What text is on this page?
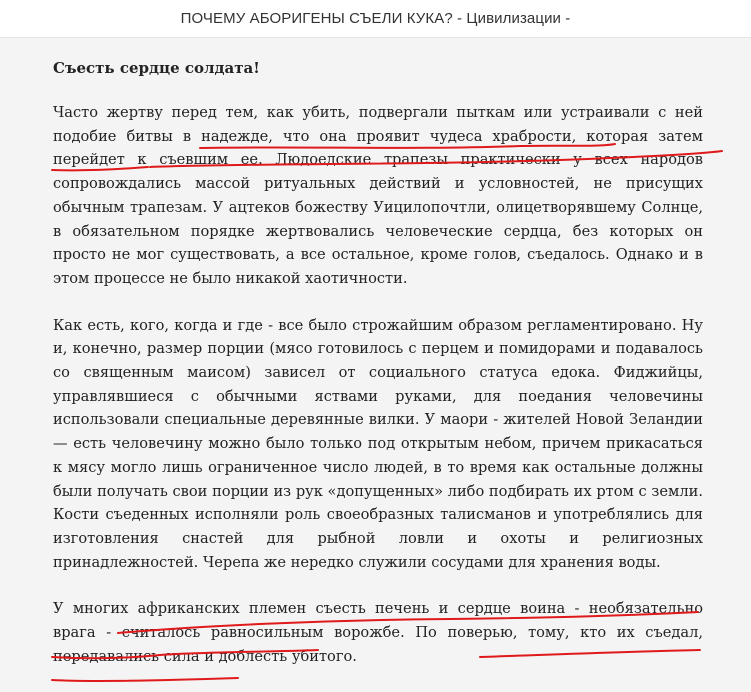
ПОЧЕМУ АБОРИГЕНЫ СЪЕЛИ КУКА? - Цивилизации -
Съесть сердце солдата!

Часто жертву перед тем, как убить, подвергали пыткам или устраивали с ней подобие битвы в надежде, что она проявит чудеса храбрости, которая затем перейдет к съевшим ее. Людоедские трапезы практически у всех народов сопровождались массой ритуальных действий и условностей, не присущих обычным трапезам. У ацтеков божеству Уицилопочтли, олицетворявшему Солнце, в обязательном порядке жертвовались человеческие сердца, без которых он просто не мог существовать, а все остальное, кроме голов, съедалось. Однако и в этом процессе не было никакой хаотичности.

Как есть, кого, когда и где - все было строжайшим образом регламентировано. Ну и, конечно, размер порции (мясо готовилось с перцем и помидорами и подавалось со священным маисом) зависел от социального статуса едока. Фиджийцы, управлявшиеся с обычными яствами руками, для поедания человечины использовали специальные деревянные вилки. У маори - жителей Новой Зеландии — есть человечину можно было только под открытым небом, причем прикасаться к мясу могло лишь ограниченное число людей, в то время как остальные должны были получать свои порции из рук «допущенных» либо подбирать их ртом с земли. Кости съеденных исполняли роль своеобразных талисманов и употреблялись для изготовления снастей для рыбной ловли и охоты и религиозных принадлежностей. Черепа же нередко служили сосудами для хранения воды.

У многих африканских племен съесть печень и сердце воина - необязательно врага - считалось равносильным ворожбе. По поверью, тому, кто их съедал, передавались сила и доблесть убитого.
